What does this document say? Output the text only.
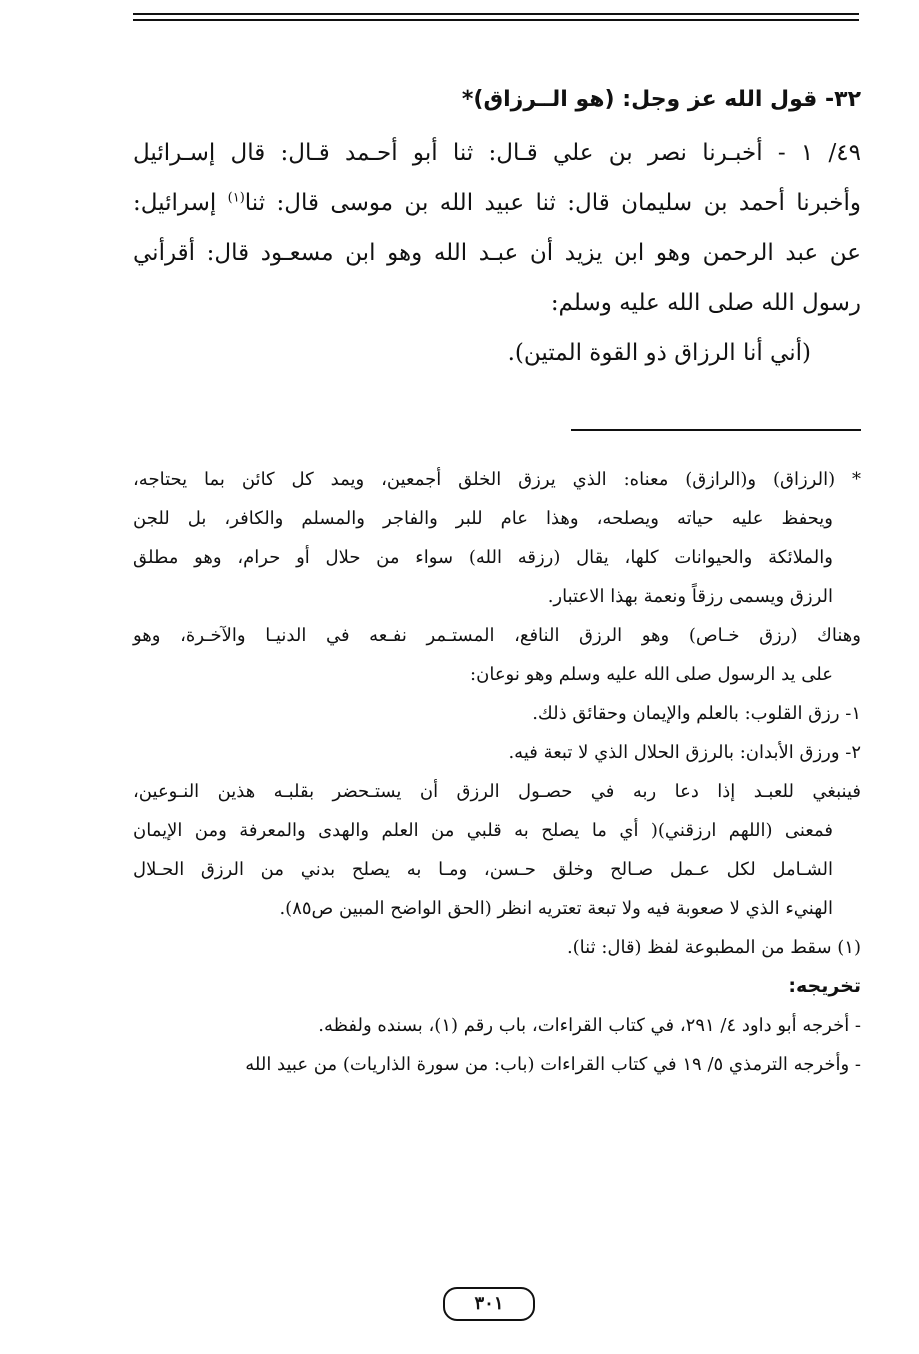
٣٢- قول الله عز وجل: (هو الــرزاق)*

٤٩/ ١ - أخبـرنا نصر بن علي قـال: ثنا أبو أحـمد قـال: قال إسـرائيل

وأخبرنا أحمد بن سليمان قال: ثنا عبيد الله بن موسى قال: ثنا$^{(١)}$ إسرائيل:

عن عبد الرحمن وهو ابن يزيد أن عبـد الله وهو ابن مسعـود قال: أقرأني

رسول الله صلى الله عليه وسلم:

(أني أنا الرزاق ذو القوة المتين).

* (الرزاق) و(الرازق) معناه: الذي يرزق الخلق أجمعين، ويمد كل كائن بما يحتاجه،

ويحفظ عليه حياته ويصلحه، وهذا عام للبر والفاجر والمسلم والكافر، بل للجن

والملائكة والحيوانات كلها، يقال (رزقه الله) سواء من حلال أو حرام، وهو مطلق

الرزق ويسمى رزقاً ونعمة بهذا الاعتبار.

وهناك (رزق خـاص) وهو الرزق النافع، المستـمر نفـعه في الدنيـا والآخـرة، وهو

على يد الرسول صلى الله عليه وسلم وهو نوعان:

١- رزق القلوب: بالعلم والإيمان وحقائق ذلك.

٢- ورزق الأبدان: بالرزق الحلال الذي لا تبعة فيه.

فينبغي للعبـد إذا دعا ربه في حصـول الرزق أن يستـحضر بقلبـه هذين النـوعين،

فمعنى (اللهم ارزقني)( أي ما يصلح به قلبي من العلم والهدى والمعرفة ومن الإيمان

الشـامل لكل عـمل صـالح وخلق حـسن، ومـا به يصلح بدني من الرزق الحـلال

الهنيء الذي لا صعوبة فيه ولا تبعة تعتريه انظر (الحق الواضح المبين ص٨٥).

(١) سقط من المطبوعة لفظ (قال: ثنا).

تخريجه:

- أخرجه أبو داود ٤/ ٢٩١، في كتاب القراءات، باب رقم (١)، بسنده ولفظه.

- وأخرجه الترمذي ٥/ ١٩ في كتاب القراءات (باب: من سورة الذاريات) من عبيد الله

٣٠١
